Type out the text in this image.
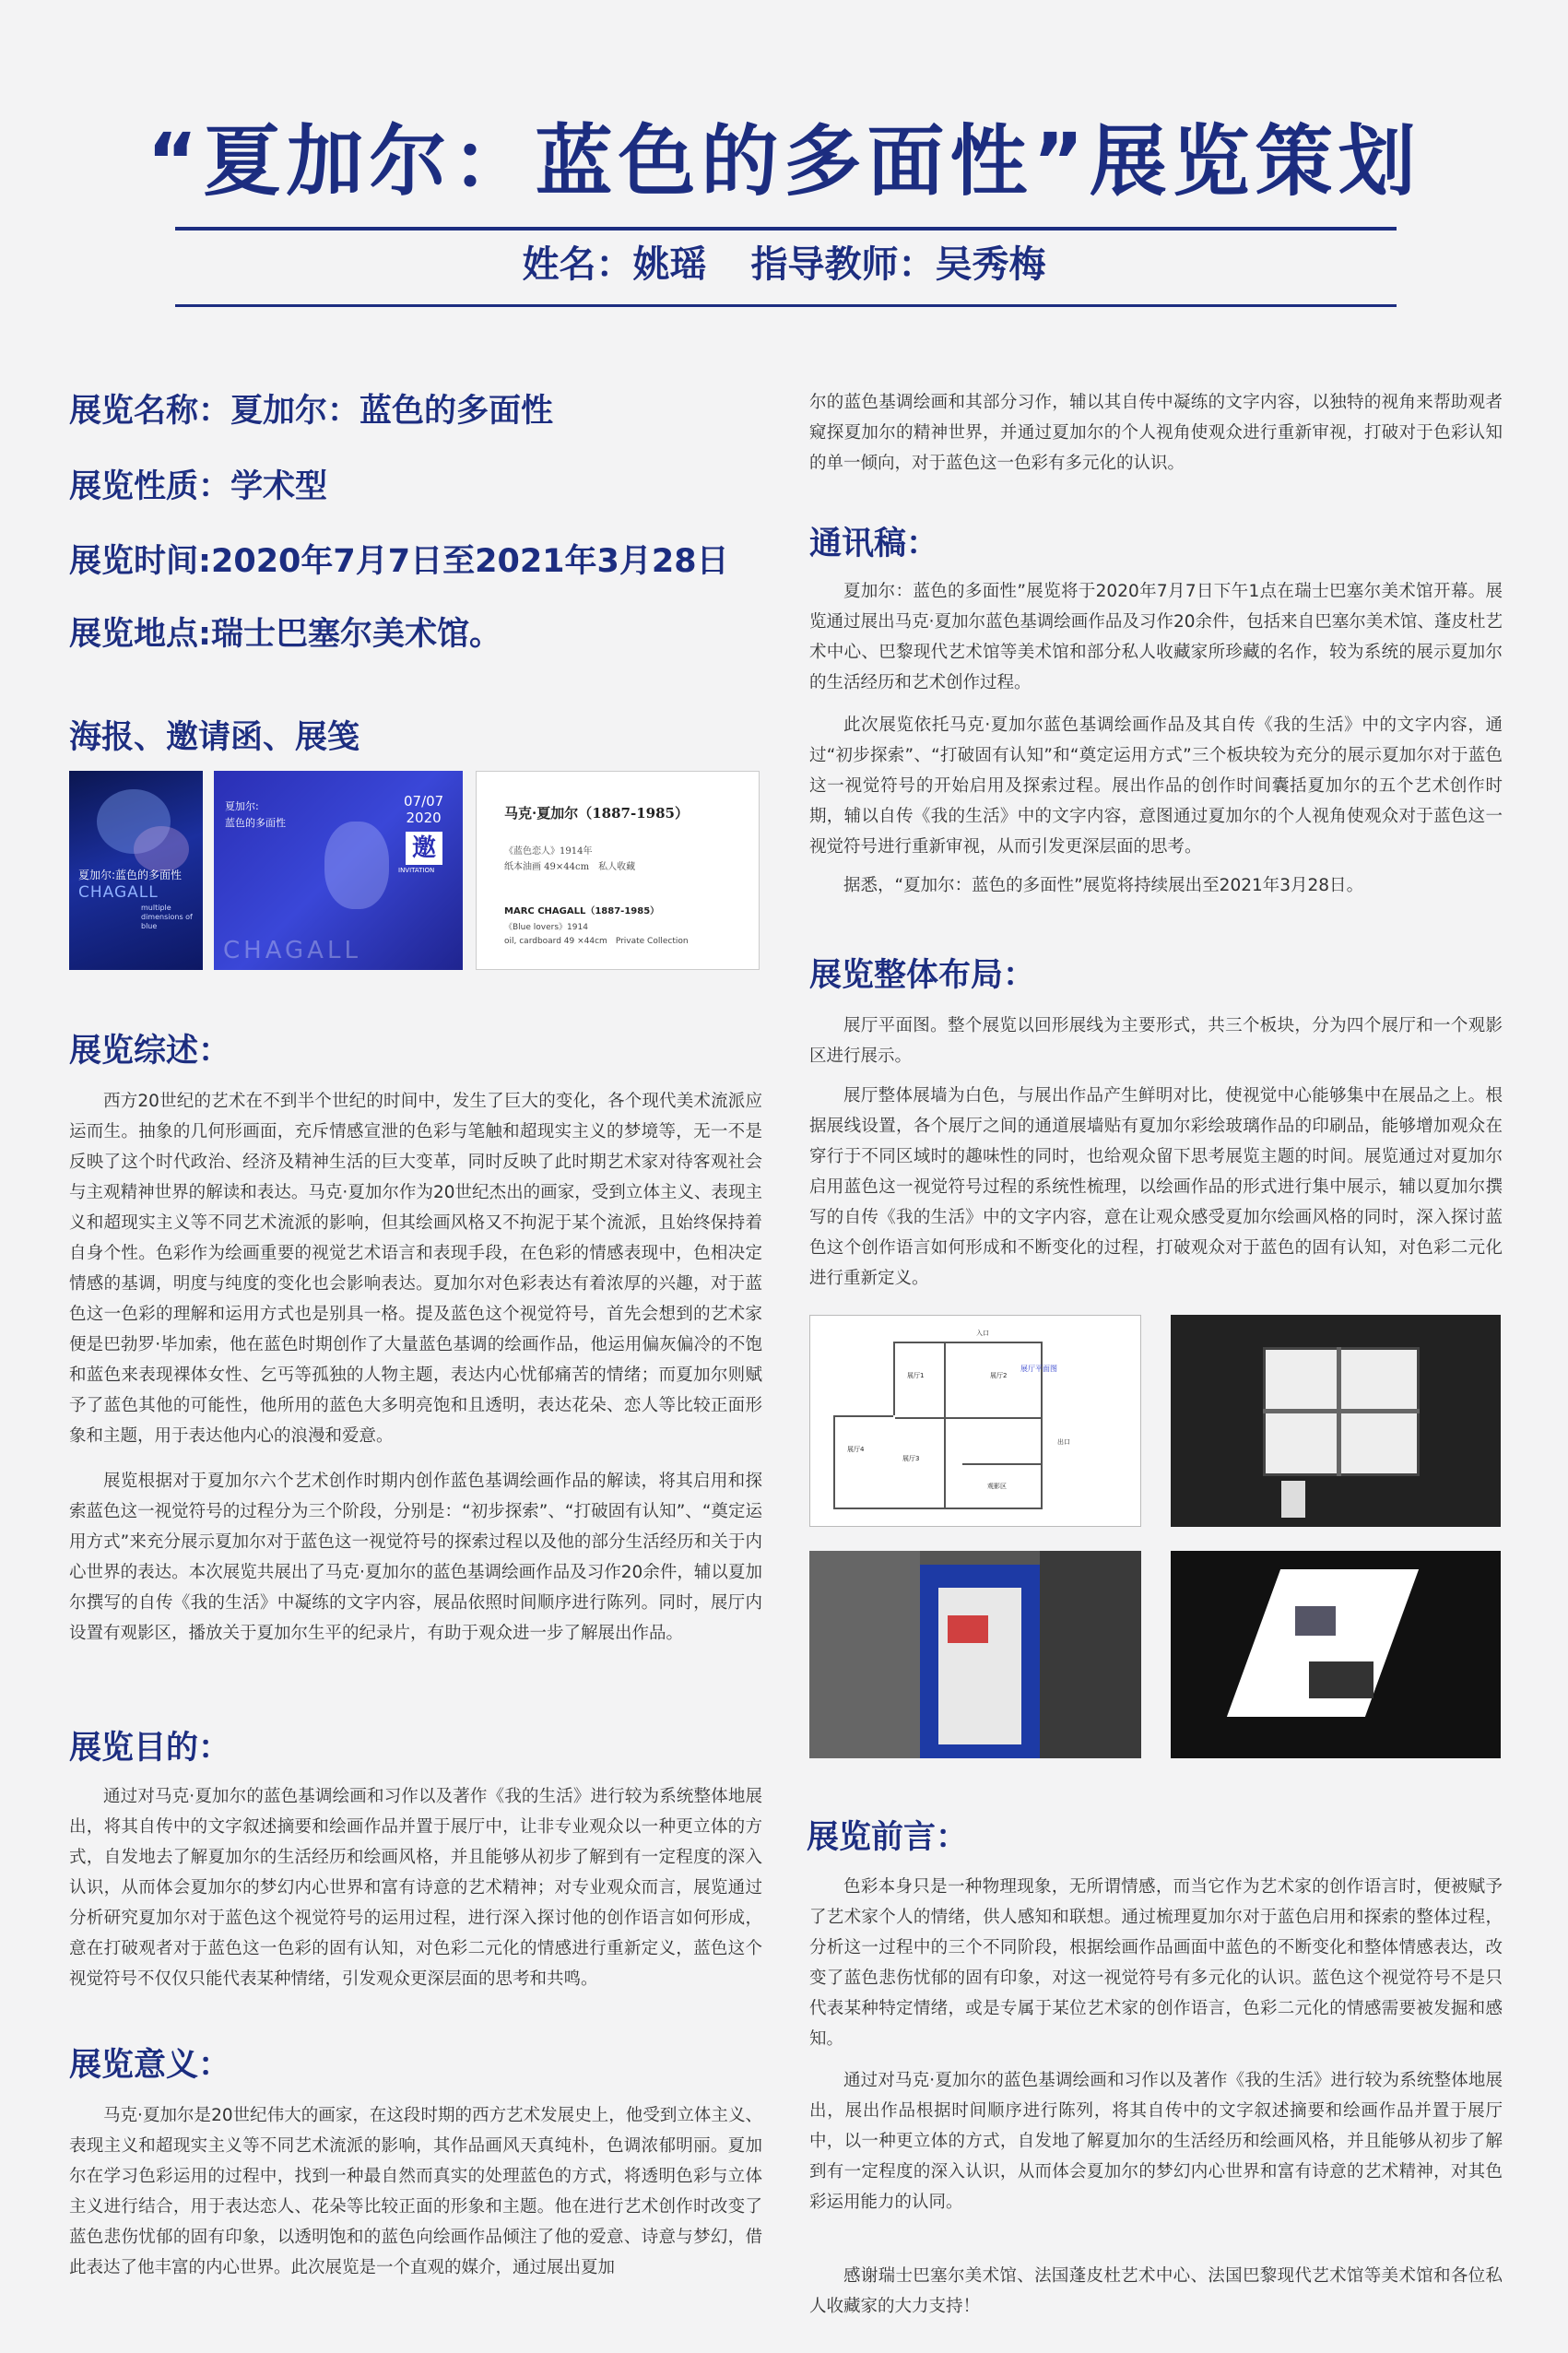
“夏加尔：蓝色的多面性”展览策划
姓名：姚瑶 指导教师：吴秀梅
展览名称：夏加尔：蓝色的多面性
展览性质：学术型
展览时间:2020年7月7日至2021年3月28日
展览地点:瑞士巴塞尔美术馆。
海报、邀请函、展笺
夏加尔:蓝色的多面性
CHAGALL
multiple dimensions of blue
夏加尔:
蓝色的多面性
07/07
2020
邀
INVITATION
CHAGALL
马克·夏加尔（1887-1985）
《蓝色恋人》1914年
纸本油画 49×44cm　私人收藏
MARC CHAGALL（1887-1985）
《Blue lovers》1914
oil, cardboard 49 ×44cm　Private Collection
展览综述：
西方20世纪的艺术在不到半个世纪的时间中，发生了巨大的变化，各个现代美术流派应运而生。抽象的几何形画面，充斥情感宣泄的色彩与笔触和超现实主义的梦境等，无一不是反映了这个时代政治、经济及精神生活的巨大变革，同时反映了此时期艺术家对待客观社会与主观精神世界的解读和表达。马克·夏加尔作为20世纪杰出的画家，受到立体主义、表现主义和超现实主义等不同艺术流派的影响，但其绘画风格又不拘泥于某个流派，且始终保持着自身个性。色彩作为绘画重要的视觉艺术语言和表现手段，在色彩的情感表现中，色相决定情感的基调，明度与纯度的变化也会影响表达。夏加尔对色彩表达有着浓厚的兴趣，对于蓝色这一色彩的理解和运用方式也是别具一格。提及蓝色这个视觉符号，首先会想到的艺术家便是巴勃罗·毕加索，他在蓝色时期创作了大量蓝色基调的绘画作品，他运用偏灰偏冷的不饱和蓝色来表现裸体女性、乞丐等孤独的人物主题，表达内心忧郁痛苦的情绪；而夏加尔则赋予了蓝色其他的可能性，他所用的蓝色大多明亮饱和且透明，表达花朵、恋人等比较正面形象和主题，用于表达他内心的浪漫和爱意。
展览根据对于夏加尔六个艺术创作时期内创作蓝色基调绘画作品的解读，将其启用和探索蓝色这一视觉符号的过程分为三个阶段，分别是：“初步探索”、“打破固有认知”、“奠定运用方式”来充分展示夏加尔对于蓝色这一视觉符号的探索过程以及他的部分生活经历和关于内心世界的表达。本次展览共展出了马克·夏加尔的蓝色基调绘画作品及习作20余件，辅以夏加尔撰写的自传《我的生活》中凝练的文字内容，展品依照时间顺序进行陈列。同时，展厅内设置有观影区，播放关于夏加尔生平的纪录片，有助于观众进一步了解展出作品。
展览目的：
通过对马克·夏加尔的蓝色基调绘画和习作以及著作《我的生活》进行较为系统整体地展出，将其自传中的文字叙述摘要和绘画作品并置于展厅中，让非专业观众以一种更立体的方式，自发地去了解夏加尔的生活经历和绘画风格，并且能够从初步了解到有一定程度的深入认识，从而体会夏加尔的梦幻内心世界和富有诗意的艺术精神；对专业观众而言，展览通过分析研究夏加尔对于蓝色这个视觉符号的运用过程，进行深入探讨他的创作语言如何形成，意在打破观者对于蓝色这一色彩的固有认知，对色彩二元化的情感进行重新定义，蓝色这个视觉符号不仅仅只能代表某种情绪，引发观众更深层面的思考和共鸣。
展览意义：
马克·夏加尔是20世纪伟大的画家，在这段时期的西方艺术发展史上，他受到立体主义、表现主义和超现实主义等不同艺术流派的影响，其作品画风天真纯朴，色调浓郁明丽。夏加尔在学习色彩运用的过程中，找到一种最自然而真实的处理蓝色的方式，将透明色彩与立体主义进行结合，用于表达恋人、花朵等比较正面的形象和主题。他在进行艺术创作时改变了蓝色悲伤忧郁的固有印象，以透明饱和的蓝色向绘画作品倾注了他的爱意、诗意与梦幻，借此表达了他丰富的内心世界。此次展览是一个直观的媒介，通过展出夏加
尔的蓝色基调绘画和其部分习作，辅以其自传中凝练的文字内容，以独特的视角来帮助观者窥探夏加尔的精神世界，并通过夏加尔的个人视角使观众进行重新审视，打破对于色彩认知的单一倾向，对于蓝色这一色彩有多元化的认识。
通讯稿：
夏加尔：蓝色的多面性”展览将于2020年7月7日下午1点在瑞士巴塞尔美术馆开幕。展览通过展出马克·夏加尔蓝色基调绘画作品及习作20余件，包括来自巴塞尔美术馆、蓬皮杜艺术中心、巴黎现代艺术馆等美术馆和部分私人收藏家所珍藏的名作，较为系统的展示夏加尔的生活经历和艺术创作过程。
此次展览依托马克·夏加尔蓝色基调绘画作品及其自传《我的生活》中的文字内容，通过“初步探索”、“打破固有认知”和“奠定运用方式”三个板块较为充分的展示夏加尔对于蓝色这一视觉符号的开始启用及探索过程。展出作品的创作时间囊括夏加尔的五个艺术创作时期，辅以自传《我的生活》中的文字内容，意图通过夏加尔的个人视角使观众对于蓝色这一视觉符号进行重新审视，从而引发更深层面的思考。
据悉，“夏加尔：蓝色的多面性”展览将持续展出至2021年3月28日。
展览整体布局：
展厅平面图。整个展览以回形展线为主要形式，共三个板块，分为四个展厅和一个观影区进行展示。
展厅整体展墙为白色，与展出作品产生鲜明对比，使视觉中心能够集中在展品之上。根据展线设置，各个展厅之间的通道展墙贴有夏加尔彩绘玻璃作品的印刷品，能够增加观众在穿行于不同区域时的趣味性的同时，也给观众留下思考展览主题的时间。展览通过对夏加尔启用蓝色这一视觉符号过程的系统性梳理，以绘画作品的形式进行集中展示，辅以夏加尔撰写的自传《我的生活》中的文字内容，意在让观众感受夏加尔绘画风格的同时，深入探讨蓝色这个创作语言如何形成和不断变化的过程，打破观众对于蓝色的固有认知，对色彩二元化进行重新定义。
入口
出口
展厅1	展厅2
展厅3
展厅4
观影区
展厅平面图
展览前言：
色彩本身只是一种物理现象，无所谓情感，而当它作为艺术家的创作语言时，便被赋予了艺术家个人的情绪，供人感知和联想。通过梳理夏加尔对于蓝色启用和探索的整体过程，分析这一过程中的三个不同阶段，根据绘画作品画面中蓝色的不断变化和整体情感表达，改变了蓝色悲伤忧郁的固有印象，对这一视觉符号有多元化的认识。蓝色这个视觉符号不是只代表某种特定情绪，或是专属于某位艺术家的创作语言，色彩二元化的情感需要被发掘和感知。
通过对马克·夏加尔的蓝色基调绘画和习作以及著作《我的生活》进行较为系统整体地展出，展出作品根据时间顺序进行陈列，将其自传中的文字叙述摘要和绘画作品并置于展厅中，以一种更立体的方式，自发地了解夏加尔的生活经历和绘画风格，并且能够从初步了解到有一定程度的深入认识，从而体会夏加尔的梦幻内心世界和富有诗意的艺术精神，对其色彩运用能力的认同。
感谢瑞士巴塞尔美术馆、法国蓬皮杜艺术中心、法国巴黎现代艺术馆等美术馆和各位私人收藏家的大力支持！
